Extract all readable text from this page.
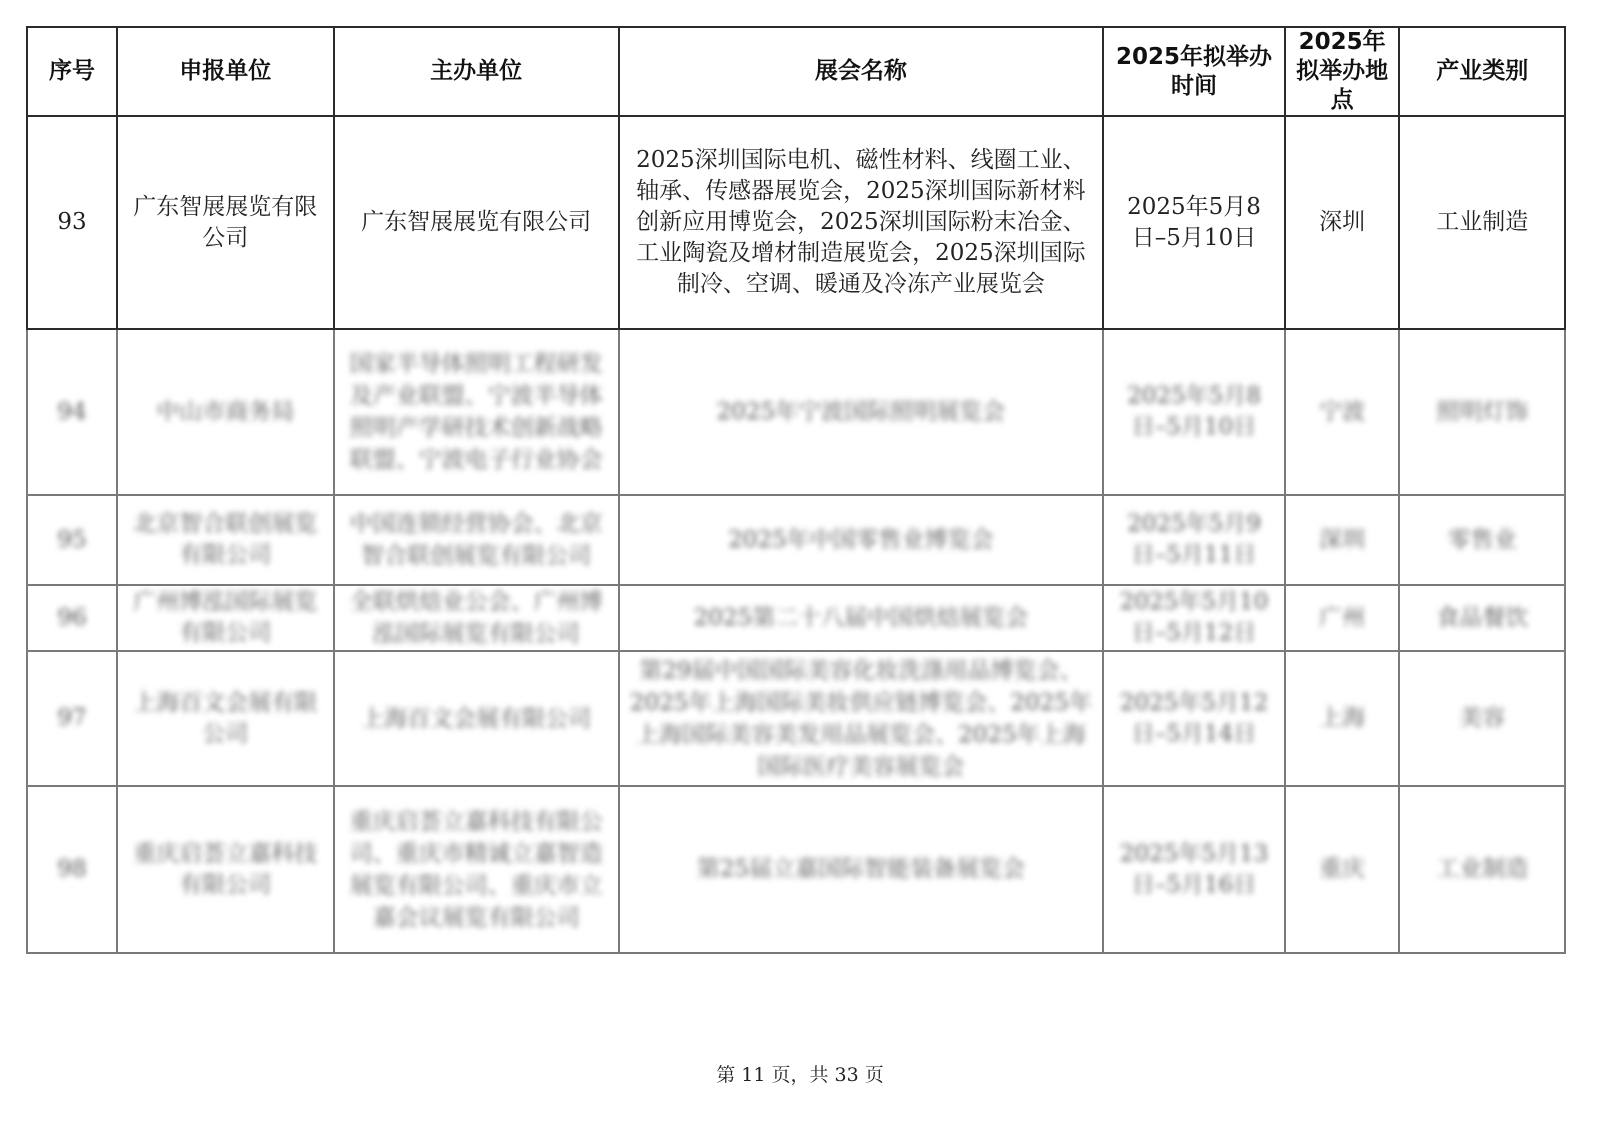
序号	申报单位	主办单位	展会名称	2025年拟举办时间	2025年拟举办地点	产业类别
93	广东智展展览有限公司	广东智展展览有限公司	2025深圳国际电机、磁性材料、线圈工业、轴承、传感器展览会，2025深圳国际新材料创新应用博览会，2025深圳国际粉末冶金、工业陶瓷及增材制造展览会，2025深圳国际制冷、空调、暖通及冷冻产业展览会	2025年5月8日–5月10日	深圳	工业制造
94	中山市商务局	国家半导体照明工程研发及产业联盟、宁波半导体照明产学研技术创新战略联盟、宁波电子行业协会	2025年宁波国际照明展览会	2025年5月8日–5月10日	宁波	照明灯饰
95	北京智合联创展览有限公司	中国连锁经营协会、北京智合联创展览有限公司	2025年中国零售业博览会	2025年5月9日–5月11日	深圳	零售业
96	广州博泓国际展览有限公司	全联烘焙业公会、广州博泓国际展览有限公司	2025第二十八届中国烘焙展览会	2025年5月10日–5月12日	广州	食品餐饮
97	上海百文会展有限公司	上海百文会展有限公司	第29届中国国际美容化妆洗涤用品博览会、2025年上海国际美妆供应链博览会、2025年上海国际美容美发用品展览会、2025年上海国际医疗美容展览会	2025年5月12日–5月14日	上海	美容
98	重庆启荟立嘉科技有限公司	重庆启荟立嘉科技有限公司、重庆市精诚立嘉智造展览有限公司、重庆市立嘉会议展览有限公司	第25届立嘉国际智能装备展览会	2025年5月13日–5月16日	重庆	工业制造
第 11 页，共 33 页
